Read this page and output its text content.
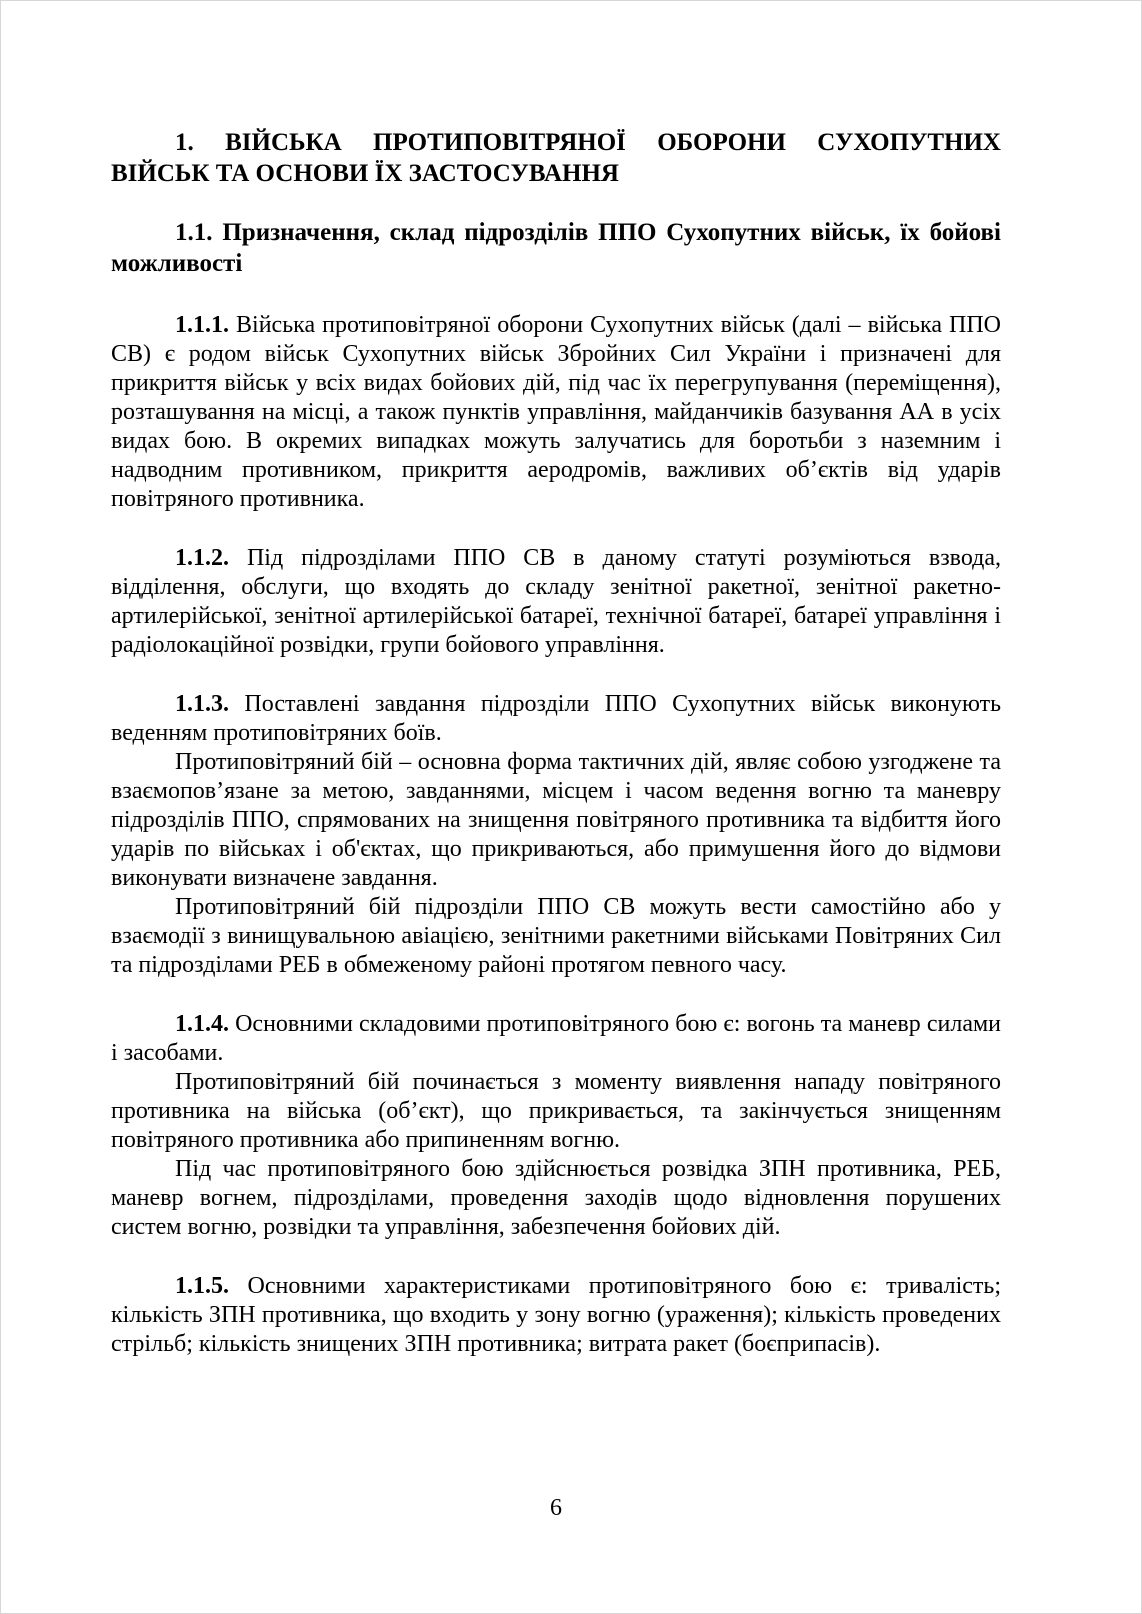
1. ВІЙСЬКА ПРОТИПОВІТРЯНОЇ ОБОРОНИ СУХОПУТНИХ ВІЙСЬК ТА ОСНОВИ ЇХ ЗАСТОСУВАННЯ
1.1. Призначення, склад підрозділів ППО Сухопутних військ, їх бойові можливості

1.1.1. Війська протиповітряної оборони Сухопутних військ (далі – війська ППО СВ) є родом військ Сухопутних військ Збройних Сил України і призначені для прикриття військ у всіх видах бойових дій, під час їх перегрупування (переміщення), розташування на місці, а також пунктів управління, майданчиків базування АА в усіх видах бою. В окремих випадках можуть залучатись для боротьби з наземним і надводним противником, прикриття аеродромів, важливих об’єктів від ударів повітряного противника.

1.1.2. Під підрозділами ППО СВ в даному статуті розуміються взвода, відділення, обслуги, що входять до складу зенітної ракетної, зенітної ракетно-артилерійської, зенітної артилерійської батареї, технічної батареї, батареї управління і радіолокаційної розвідки, групи бойового управління.

1.1.3. Поставлені завдання підрозділи ППО Сухопутних військ виконують веденням протиповітряних боїв.

Протиповітряний бій – основна форма тактичних дій, являє собою узгоджене та взаємопов’язане за метою, завданнями, місцем і часом ведення вогню та маневру підрозділів ППО, спрямованих на знищення повітряного противника та відбиття його ударів по військах і об'єктах, що прикриваються, або примушення його до відмови виконувати визначене завдання.

Протиповітряний бій підрозділи ППО СВ можуть вести самостійно або у взаємодії з винищувальною авіацією, зенітними ракетними військами Повітряних Сил та підрозділами РЕБ в обмеженому районі протягом певного часу.

1.1.4. Основними складовими протиповітряного бою є: вогонь та маневр силами і засобами.

Протиповітряний бій починається з моменту виявлення нападу повітряного противника на війська (об’єкт), що прикривається, та закінчується знищенням повітряного противника або припиненням вогню.

Під час протиповітряного бою здійснюється розвідка ЗПН противника, РЕБ, маневр вогнем, підрозділами, проведення заходів щодо відновлення порушених систем вогню, розвідки та управління, забезпечення бойових дій.

1.1.5. Основними характеристиками протиповітряного бою є: тривалість; кількість ЗПН противника, що входить у зону вогню (ураження); кількість проведених стрільб; кількість знищених ЗПН противника; витрата ракет (боєприпасів).

6
